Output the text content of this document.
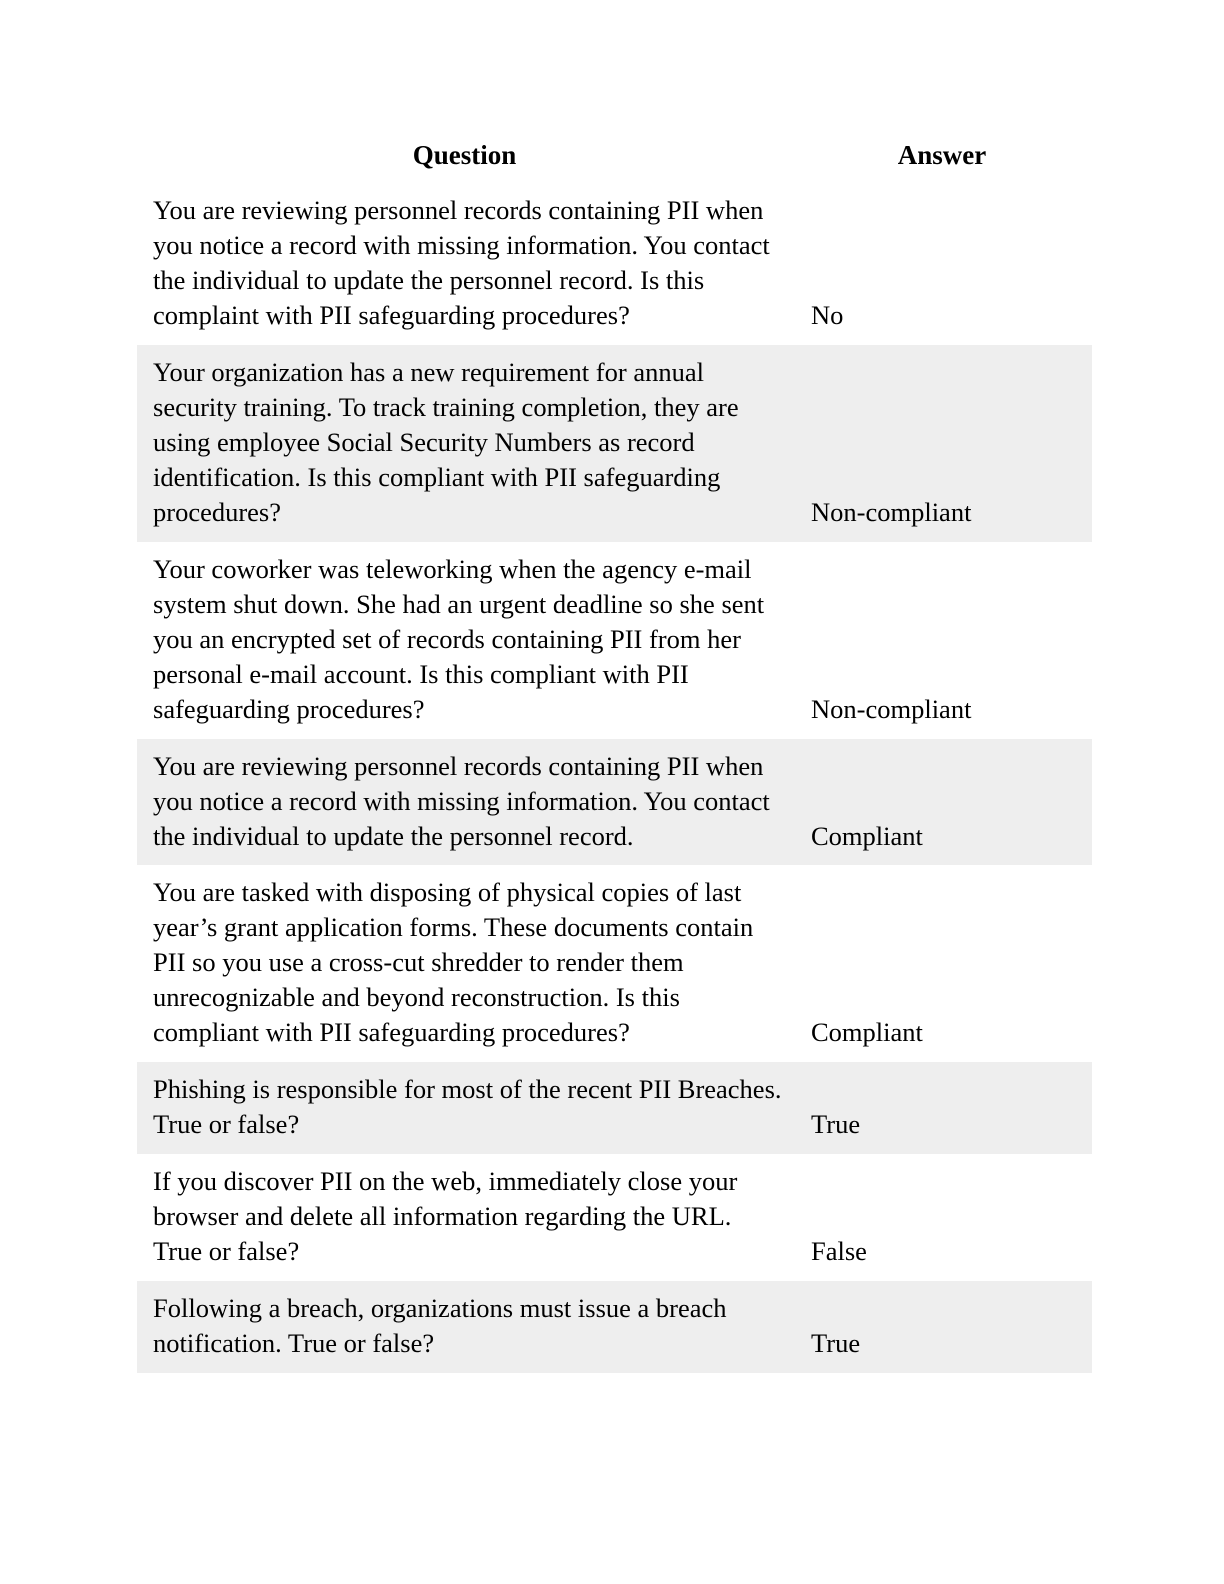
Question	Answer
You are reviewing personnel records containing PII when you notice a record with missing information. You contact the individual to update the personnel record. Is this complaint with PII safeguarding procedures?	No
Your organization has a new requirement for annual security training. To track training completion, they are using employee Social Security Numbers as record identification. Is this compliant with PII safeguarding procedures?	Non-compliant
Your coworker was teleworking when the agency e-mail system shut down. She had an urgent deadline so she sent you an encrypted set of records containing PII from her personal e-mail account. Is this compliant with PII safeguarding procedures?	Non-compliant
You are reviewing personnel records containing PII when you notice a record with missing information. You contact the individual to update the personnel record.	Compliant
You are tasked with disposing of physical copies of last year’s grant application forms. These documents contain PII so you use a cross-cut shredder to render them unrecognizable and beyond reconstruction. Is this compliant with PII safeguarding procedures?	Compliant
Phishing is responsible for most of the recent PII Breaches. True or false?	True
If you discover PII on the web, immediately close your browser and delete all information regarding the URL. True or false?	False
Following a breach, organizations must issue a breach notification. True or false?	True
